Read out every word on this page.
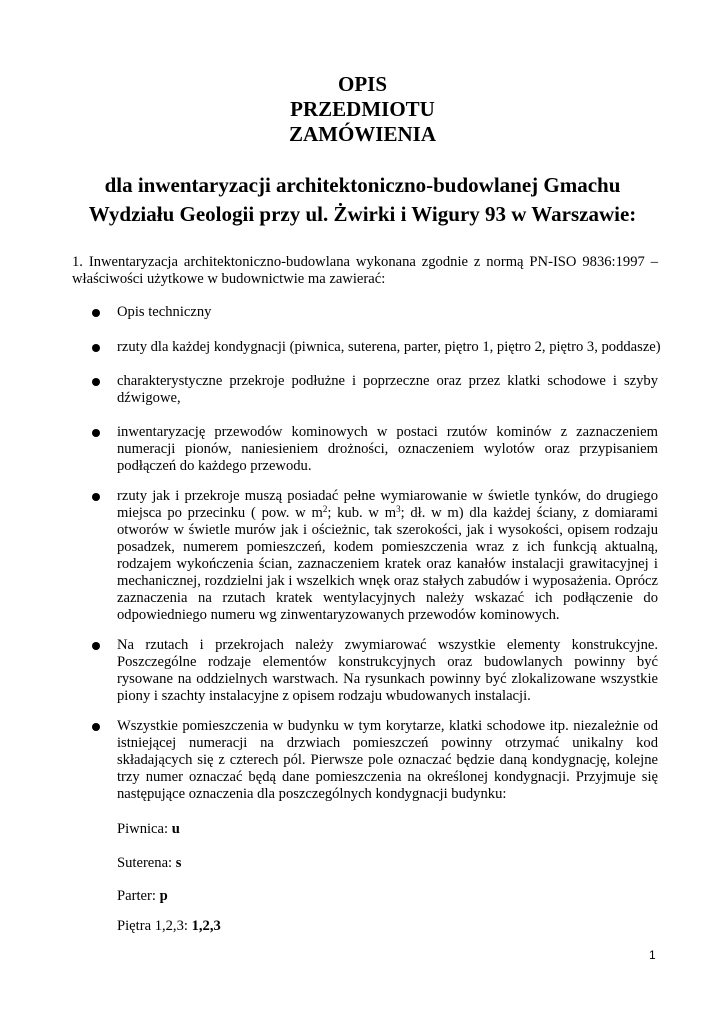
OPIS
PRZEDMIOTU
ZAMÓWIENIA
dla inwentaryzacji architektoniczno-budowlanej Gmachu
Wydziału Geologii przy ul. Żwirki i Wigury 93 w Warszawie:
1. Inwentaryzacja architektoniczno-budowlana wykonana zgodnie z normą PN-ISO 9836:1997 –
właściwości użytkowe w budownictwie ma zawierać:

Opis techniczny

rzuty dla każdej kondygnacji (piwnica, suterena, parter, piętro 1, piętro 2, piętro 3, poddasze)

charakterystyczne przekroje podłużne i poprzeczne oraz przez klatki schodowe i szyby dźwigowe,

inwentaryzację przewodów kominowych w postaci rzutów kominów z zaznaczeniem numeracji pionów, naniesieniem drożności, oznaczeniem wylotów oraz przypisaniem podłączeń do każdego przewodu.

rzuty jak i przekroje muszą posiadać pełne wymiarowanie w świetle tynków, do drugiego miejsca po przecinku ( pow. w $m^2$; kub. w $m^3$; dł. w m) dla każdej ściany, z domiarami otworów w świetle murów jak i ościeżnic, tak szerokości, jak i wysokości, opisem rodzaju posadzek, numerem pomieszczeń, kodem pomieszczenia wraz z ich funkcją aktualną, rodzajem wykończenia ścian, zaznaczeniem kratek oraz kanałów instalacji grawitacyjnej i mechanicznej, rozdzielni jak i wszelkich wnęk oraz stałych zabudów i wyposażenia. Oprócz zaznaczenia na rzutach kratek wentylacyjnych należy wskazać ich podłączenie do odpowiedniego numeru wg zinwentaryzowanych przewodów kominowych.

Na rzutach i przekrojach należy zwymiarować wszystkie elementy konstrukcyjne. Poszczególne rodzaje elementów konstrukcyjnych oraz budowlanych powinny być rysowane na oddzielnych warstwach. Na rysunkach powinny być zlokalizowane wszystkie piony i szachty instalacyjne z opisem rodzaju wbudowanych instalacji.

Wszystkie pomieszczenia w budynku w tym korytarze, klatki schodowe itp. niezależnie od istniejącej numeracji na drzwiach pomieszczeń powinny otrzymać unikalny kod składających się z czterech pól. Pierwsze pole oznaczać będzie daną kondygnację, kolejne trzy numer oznaczać będą dane pomieszczenia na określonej kondygnacji. Przyjmuje się następujące oznaczenia dla poszczególnych kondygnacji budynku:

Piwnica: u
Suterena: s
Parter: p
Piętra 1,2,3: 1,2,3
1
